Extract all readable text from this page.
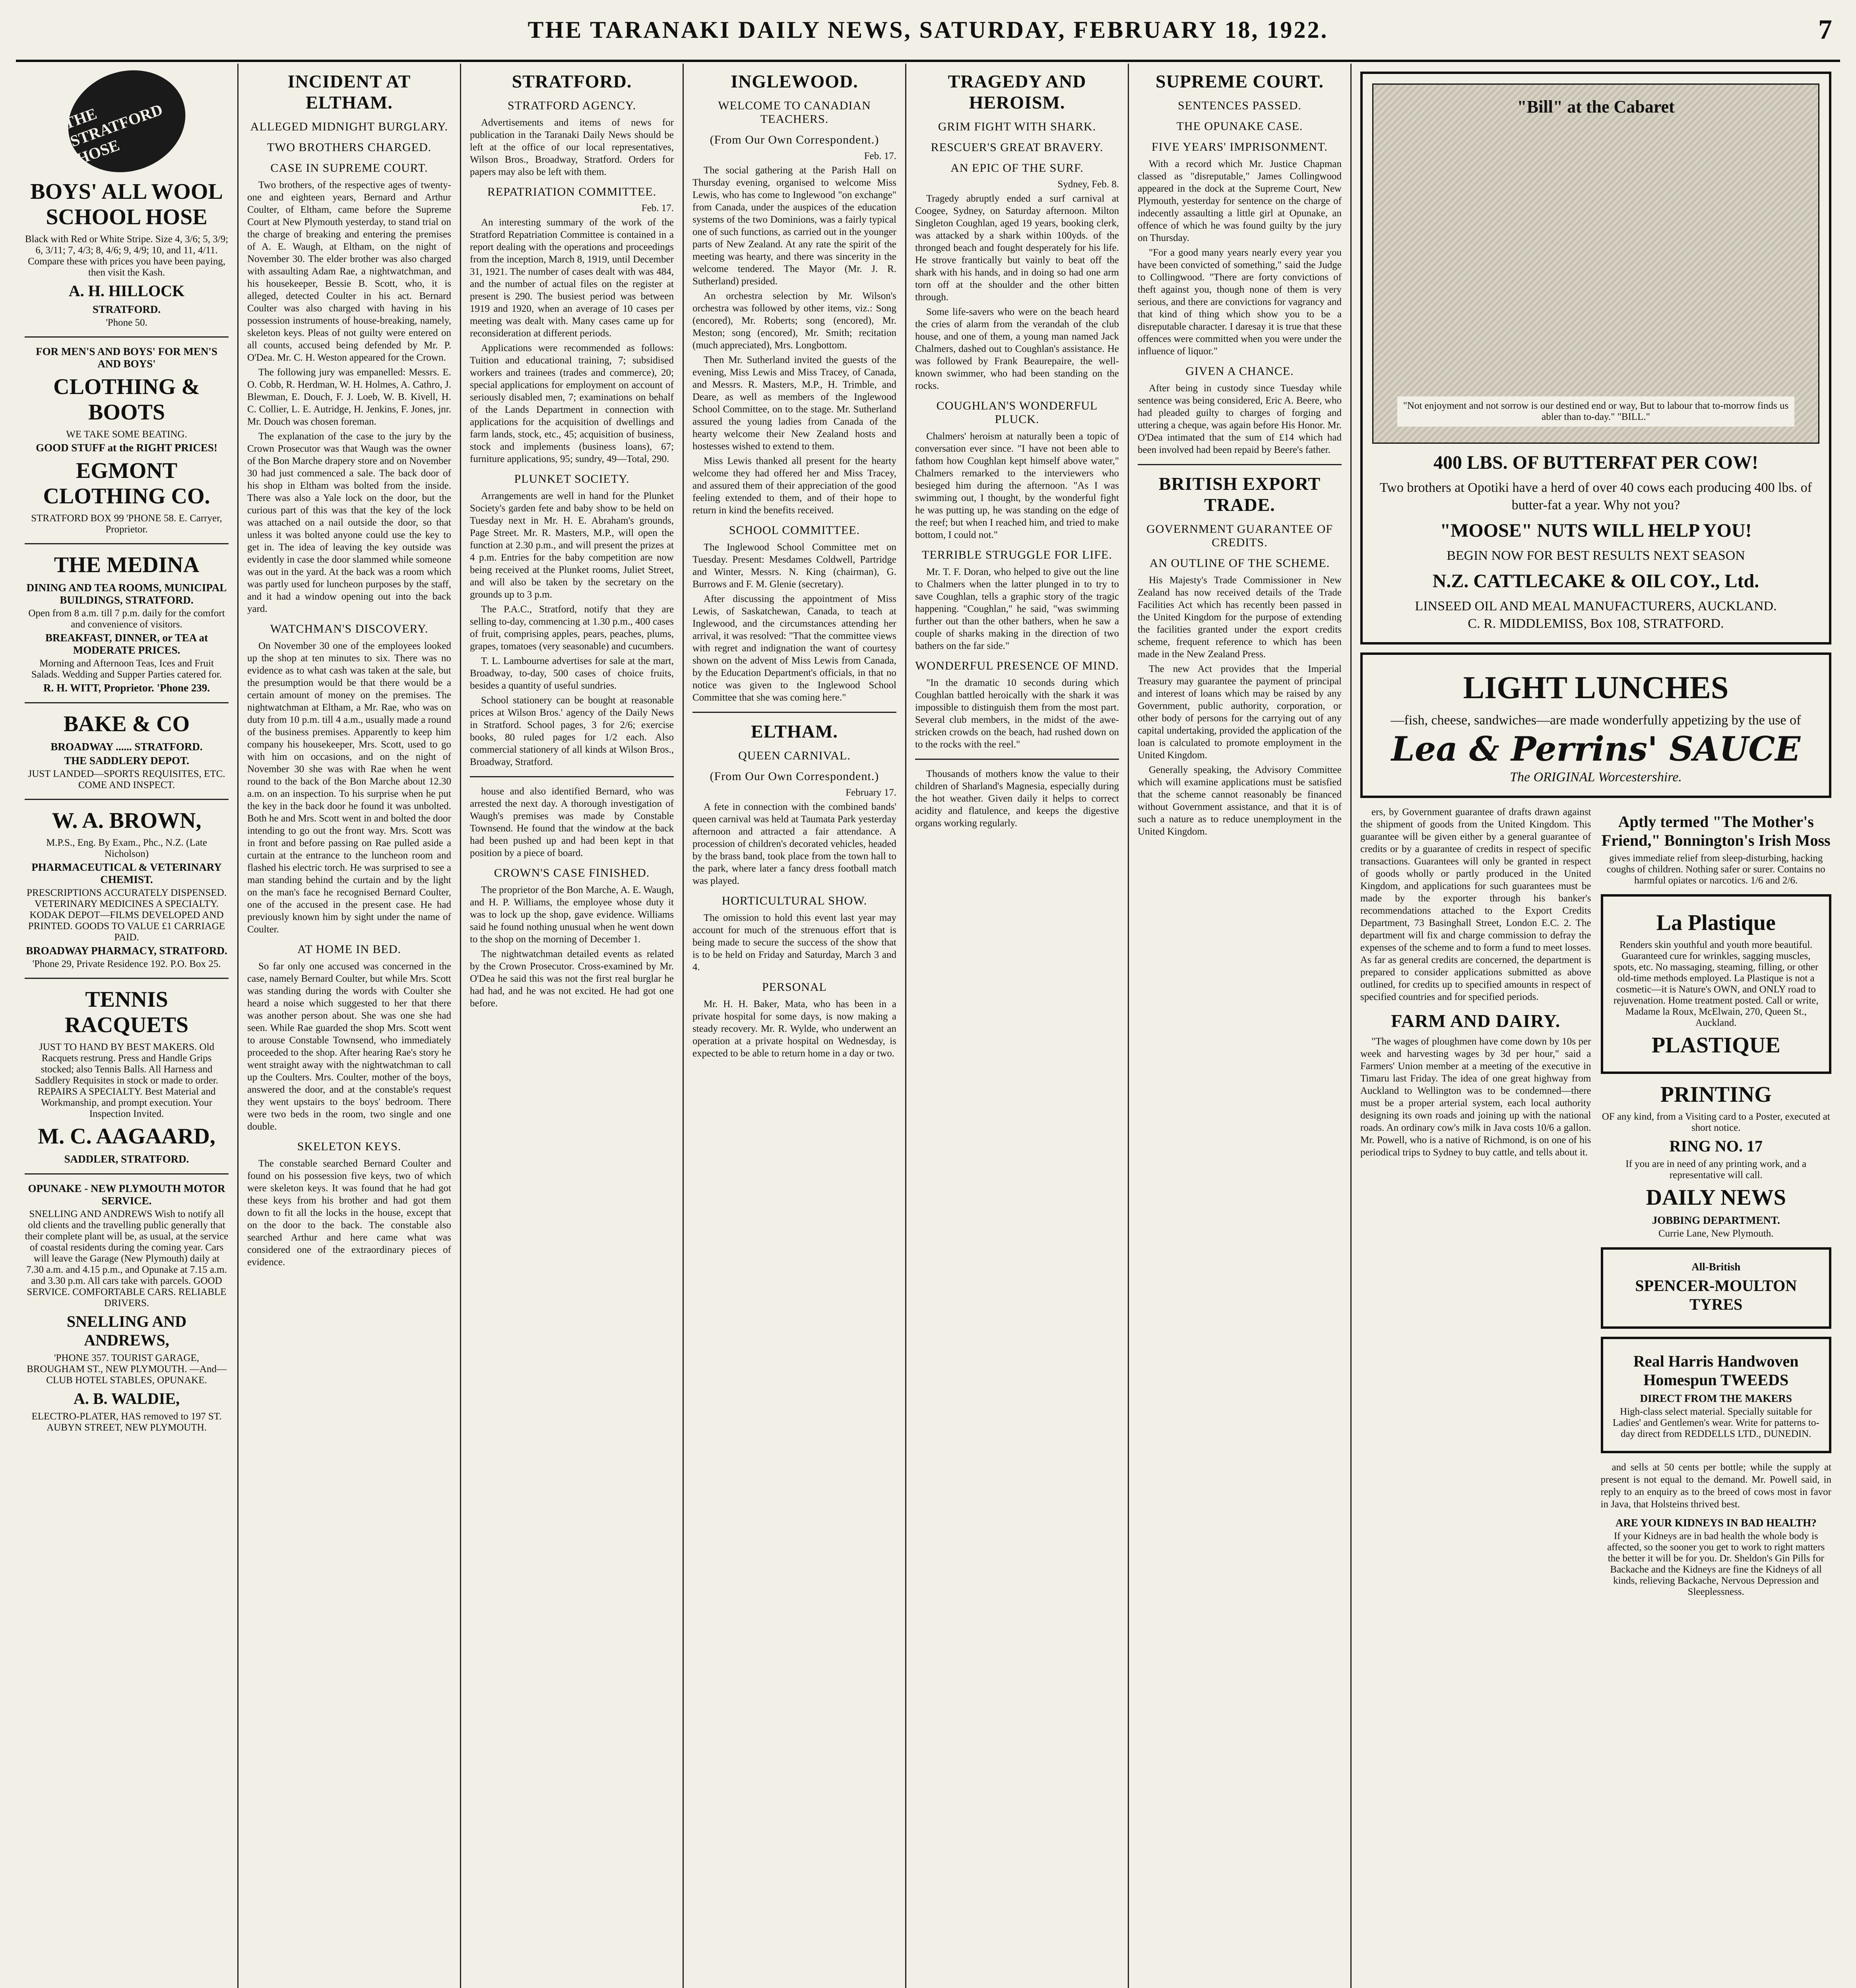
THE TARANAKI DAILY NEWS, SATURDAY, FEBRUARY 18, 1922.	7
THE STRATFORD HOSE
BOYS' ALL WOOL SCHOOL HOSE
Black with Red or White Stripe. Size 4, 3/6; 5, 3/9; 6, 3/11; 7, 4/3; 8, 4/6; 9, 4/9; 10, and 11, 4/11. Compare these with prices you have been paying, then visit the Kash.
A. H. HILLOCK
STRATFORD.
'Phone 50.
FOR MEN'S AND BOYS' FOR MEN'S AND BOYS'
CLOTHING & BOOTS
WE TAKE SOME BEATING.
GOOD STUFF at the RIGHT PRICES!
EGMONT CLOTHING CO.
STRATFORD BOX 99 'PHONE 58. E. Carryer, Proprietor.
THE MEDINA
DINING AND TEA ROOMS, MUNICIPAL BUILDINGS, STRATFORD.
Open from 8 a.m. till 7 p.m. daily for the comfort and convenience of visitors.
BREAKFAST, DINNER, or TEA at MODERATE PRICES.
Morning and Afternoon Teas, Ices and Fruit Salads. Wedding and Supper Parties catered for.
R. H. WITT, Proprietor. 'Phone 239.
BAKE & CO
BROADWAY ...... STRATFORD.
THE SADDLERY DEPOT.
JUST LANDED—SPORTS REQUISITES, ETC. COME AND INSPECT.
W. A. BROWN,
M.P.S., Eng. By Exam., Phc., N.Z. (Late Nicholson)
PHARMACEUTICAL & VETERINARY CHEMIST.
PRESCRIPTIONS ACCURATELY DISPENSED. VETERINARY MEDICINES A SPECIALTY. KODAK DEPOT—FILMS DEVELOPED AND PRINTED. GOODS TO VALUE £1 CARRIAGE PAID.
BROADWAY PHARMACY, STRATFORD.
'Phone 29, Private Residence 192. P.O. Box 25.
TENNIS RACQUETS
JUST TO HAND BY BEST MAKERS. Old Racquets restrung. Press and Handle Grips stocked; also Tennis Balls. All Harness and Saddlery Requisites in stock or made to order. REPAIRS A SPECIALTY. Best Material and Workmanship, and prompt execution. Your Inspection Invited.
M. C. AAGAARD,
SADDLER, STRATFORD.
OPUNAKE - NEW PLYMOUTH MOTOR SERVICE.
SNELLING AND ANDREWS Wish to notify all old clients and the travelling public generally that their complete plant will be, as usual, at the service of coastal residents during the coming year. Cars will leave the Garage (New Plymouth) daily at 7.30 a.m. and 4.15 p.m., and Opunake at 7.15 a.m. and 3.30 p.m. All cars take with parcels. GOOD SERVICE. COMFORTABLE CARS. RELIABLE DRIVERS.
SNELLING AND ANDREWS,
'PHONE 357. TOURIST GARAGE, BROUGHAM ST., NEW PLYMOUTH. —And— CLUB HOTEL STABLES, OPUNAKE.
A. B. WALDIE,
ELECTRO-PLATER, HAS removed to 197 ST. AUBYN STREET, NEW PLYMOUTH.
INCIDENT AT ELTHAM.
ALLEGED MIDNIGHT BURGLARY.
TWO BROTHERS CHARGED.
CASE IN SUPREME COURT.

Two brothers, of the respective ages of twenty-one and eighteen years, Bernard and Arthur Coulter, of Eltham, came before the Supreme Court at New Plymouth yesterday, to stand trial on the charge of breaking and entering the premises of A. E. Waugh, at Eltham, on the night of November 30. The elder brother was also charged with assaulting Adam Rae, a nightwatchman, and his housekeeper, Bessie B. Scott, who, it is alleged, detected Coulter in his act. Bernard Coulter was also charged with having in his possession instruments of house-breaking, namely, skeleton keys. Pleas of not guilty were entered on all counts, accused being defended by Mr. P. O'Dea. Mr. C. H. Weston appeared for the Crown.

The following jury was empanelled: Messrs. E. O. Cobb, R. Herdman, W. H. Holmes, A. Cathro, J. Blewman, E. Douch, F. J. Loeb, W. B. Kivell, H. C. Collier, L. E. Autridge, H. Jenkins, F. Jones, jnr. Mr. Douch was chosen foreman.

The explanation of the case to the jury by the Crown Prosecutor was that Waugh was the owner of the Bon Marche drapery store and on November 30 had just commenced a sale. The back door of his shop in Eltham was bolted from the inside. There was also a Yale lock on the door, but the curious part of this was that the key of the lock was attached on a nail outside the door, so that unless it was bolted anyone could use the key to get in. The idea of leaving the key outside was evidently in case the door slammed while someone was out in the yard. At the back was a room which was partly used for luncheon purposes by the staff, and it had a window opening out into the back yard.

WATCHMAN'S DISCOVERY.

On November 30 one of the employees looked up the shop at ten minutes to six. There was no evidence as to what cash was taken at the sale, but the presumption would be that there would be a certain amount of money on the premises. The nightwatchman at Eltham, a Mr. Rae, who was on duty from 10 p.m. till 4 a.m., usually made a round of the business premises. Apparently to keep him company his housekeeper, Mrs. Scott, used to go with him on occasions, and on the night of November 30 she was with Rae when he went round to the back of the Bon Marche about 12.30 a.m. on an inspection. To his surprise when he put the key in the back door he found it was unbolted. Both he and Mrs. Scott went in and bolted the door intending to go out the front way. Mrs. Scott was in front and before passing on Rae pulled aside a curtain at the entrance to the luncheon room and flashed his electric torch. He was surprised to see a man standing behind the curtain and by the light on the man's face he recognised Bernard Coulter, one of the accused in the present case. He had previously known him by sight under the name of Coulter.

AT HOME IN BED.

So far only one accused was concerned in the case, namely Bernard Coulter, but while Mrs. Scott was standing during the words with Coulter she heard a noise which suggested to her that there was another person about. She was one she had seen. While Rae guarded the shop Mrs. Scott went to arouse Constable Townsend, who immediately proceeded to the shop. After hearing Rae's story he went straight away with the nightwatchman to call up the Coulters. Mrs. Coulter, mother of the boys, answered the door, and at the constable's request they went upstairs to the boys' bedroom. There were two beds in the room, two single and one double.

SKELETON KEYS.

The constable searched Bernard Coulter and found on his possession five keys, two of which were skeleton keys. It was found that he had got these keys from his brother and had got them down to fit all the locks in the house, except that on the door to the back. The constable also searched Arthur and here came what was considered one of the extraordinary pieces of evidence.

STRATFORD.
STRATFORD AGENCY.

Advertisements and items of news for publication in the Taranaki Daily News should be left at the office of our local representatives, Wilson Bros., Broadway, Stratford. Orders for papers may also be left with them.

REPATRIATION COMMITTEE.
Feb. 17.

An interesting summary of the work of the Stratford Repatriation Committee is contained in a report dealing with the operations and proceedings from the inception, March 8, 1919, until December 31, 1921. The number of cases dealt with was 484, and the number of actual files on the register at present is 290. The busiest period was between 1919 and 1920, when an average of 10 cases per meeting was dealt with. Many cases came up for reconsideration at different periods.

Applications were recommended as follows: Tuition and educational training, 7; subsidised workers and trainees (trades and commerce), 20; special applications for employment on account of seriously disabled men, 7; examinations on behalf of the Lands Department in connection with applications for the acquisition of dwellings and farm lands, stock, etc., 45; acquisition of business, stock and implements (business loans), 67; furniture applications, 95; sundry, 49—Total, 290.

PLUNKET SOCIETY.

Arrangements are well in hand for the Plunket Society's garden fete and baby show to be held on Tuesday next in Mr. H. E. Abraham's grounds, Page Street. Mr. R. Masters, M.P., will open the function at 2.30 p.m., and will present the prizes at 4 p.m. Entries for the baby competition are now being received at the Plunket rooms, Juliet Street, and will also be taken by the secretary on the grounds up to 3 p.m.

The P.A.C., Stratford, notify that they are selling to-day, commencing at 1.30 p.m., 400 cases of fruit, comprising apples, pears, peaches, plums, grapes, tomatoes (very seasonable) and cucumbers.

T. L. Lambourne advertises for sale at the mart, Broadway, to-day, 500 cases of choice fruits, besides a quantity of useful sundries.

School stationery can be bought at reasonable prices at Wilson Bros.' agency of the Daily News in Stratford. School pages, 3 for 2/6; exercise books, 80 ruled pages for 1/2 each. Also commercial stationery of all kinds at Wilson Bros., Broadway, Stratford.

house and also identified Bernard, who was arrested the next day. A thorough investigation of Waugh's premises was made by Constable Townsend. He found that the window at the back had been pushed up and had been kept in that position by a piece of board.

CROWN'S CASE FINISHED.

The proprietor of the Bon Marche, A. E. Waugh, and H. P. Williams, the employee whose duty it was to lock up the shop, gave evidence. Williams said he found nothing unusual when he went down to the shop on the morning of December 1.

The nightwatchman detailed events as related by the Crown Prosecutor. Cross-examined by Mr. O'Dea he said this was not the first real burglar he had had, and he was not excited. He had got one before.

INGLEWOOD.
WELCOME TO CANADIAN TEACHERS.
(From Our Own Correspondent.)
Feb. 17.

The social gathering at the Parish Hall on Thursday evening, organised to welcome Miss Lewis, who has come to Inglewood "on exchange" from Canada, under the auspices of the education systems of the two Dominions, was a fairly typical one of such functions, as carried out in the younger parts of New Zealand. At any rate the spirit of the meeting was hearty, and there was sincerity in the welcome tendered. The Mayor (Mr. J. R. Sutherland) presided.

An orchestra selection by Mr. Wilson's orchestra was followed by other items, viz.: Song (encored), Mr. Roberts; song (encored), Mr. Meston; song (encored), Mr. Smith; recitation (much appreciated), Mrs. Longbottom.

Then Mr. Sutherland invited the guests of the evening, Miss Lewis and Miss Tracey, of Canada, and Messrs. R. Masters, M.P., H. Trimble, and Deare, as well as members of the Inglewood School Committee, on to the stage. Mr. Sutherland assured the young ladies from Canada of the hearty welcome their New Zealand hosts and hostesses wished to extend to them.

Miss Lewis thanked all present for the hearty welcome they had offered her and Miss Tracey, and assured them of their appreciation of the good feeling extended to them, and of their hope to return in kind the benefits received.

SCHOOL COMMITTEE.

The Inglewood School Committee met on Tuesday. Present: Mesdames Coldwell, Partridge and Winter, Messrs. N. King (chairman), G. Burrows and F. M. Glenie (secretary).

After discussing the appointment of Miss Lewis, of Saskatchewan, Canada, to teach at Inglewood, and the circumstances attending her arrival, it was resolved: "That the committee views with regret and indignation the want of courtesy shown on the advent of Miss Lewis from Canada, by the Education Department's officials, in that no notice was given to the Inglewood School Committee that she was coming here."

ELTHAM.
QUEEN CARNIVAL.
(From Our Own Correspondent.)
February 17.

A fete in connection with the combined bands' queen carnival was held at Taumata Park yesterday afternoon and attracted a fair attendance. A procession of children's decorated vehicles, headed by the brass band, took place from the town hall to the park, where later a fancy dress football match was played.

HORTICULTURAL SHOW.

The omission to hold this event last year may account for much of the strenuous effort that is being made to secure the success of the show that is to be held on Friday and Saturday, March 3 and 4.

PERSONAL

Mr. H. H. Baker, Mata, who has been in a private hospital for some days, is now making a steady recovery. Mr. R. Wylde, who underwent an operation at a private hospital on Wednesday, is expected to be able to return home in a day or two.

TRAGEDY AND HEROISM.
GRIM FIGHT WITH SHARK.
RESCUER'S GREAT BRAVERY.
AN EPIC OF THE SURF.
Sydney, Feb. 8.

Tragedy abruptly ended a surf carnival at Coogee, Sydney, on Saturday afternoon. Milton Singleton Coughlan, aged 19 years, booking clerk, was attacked by a shark within 100yds. of the thronged beach and fought desperately for his life. He strove frantically but vainly to beat off the shark with his hands, and in doing so had one arm torn off at the shoulder and the other bitten through.

Some life-savers who were on the beach heard the cries of alarm from the verandah of the club house, and one of them, a young man named Jack Chalmers, dashed out to Coughlan's assistance. He was followed by Frank Beaurepaire, the well-known swimmer, who had been standing on the rocks.

COUGHLAN'S WONDERFUL PLUCK.

Chalmers' heroism at naturally been a topic of conversation ever since. "I have not been able to fathom how Coughlan kept himself above water," Chalmers remarked to the interviewers who besieged him during the afternoon. "As I was swimming out, I thought, by the wonderful fight he was putting up, he was standing on the edge of the reef; but when I reached him, and tried to make bottom, I could not."

TERRIBLE STRUGGLE FOR LIFE.

Mr. T. F. Doran, who helped to give out the line to Chalmers when the latter plunged in to try to save Coughlan, tells a graphic story of the tragic happening. "Coughlan," he said, "was swimming further out than the other bathers, when he saw a couple of sharks making in the direction of two bathers on the far side."

WONDERFUL PRESENCE OF MIND.

"In the dramatic 10 seconds during which Coughlan battled heroically with the shark it was impossible to distinguish them from the most part. Several club members, in the midst of the awe-stricken crowds on the beach, had rushed down on to the rocks with the reel."

Thousands of mothers know the value to their children of Sharland's Magnesia, especially during the hot weather. Given daily it helps to correct acidity and flatulence, and keeps the digestive organs working regularly.

SUPREME COURT.
SENTENCES PASSED.
THE OPUNAKE CASE.
FIVE YEARS' IMPRISONMENT.

With a record which Mr. Justice Chapman classed as "disreputable," James Collingwood appeared in the dock at the Supreme Court, New Plymouth, yesterday for sentence on the charge of indecently assaulting a little girl at Opunake, an offence of which he was found guilty by the jury on Thursday.

"For a good many years nearly every year you have been convicted of something," said the Judge to Collingwood. "There are forty convictions of theft against you, though none of them is very serious, and there are convictions for vagrancy and that kind of thing which show you to be a disreputable character. I daresay it is true that these offences were committed when you were under the influence of liquor."

GIVEN A CHANCE.

After being in custody since Tuesday while sentence was being considered, Eric A. Beere, who had pleaded guilty to charges of forging and uttering a cheque, was again before His Honor. Mr. O'Dea intimated that the sum of £14 which had been involved had been repaid by Beere's father.

BRITISH EXPORT TRADE.
GOVERNMENT GUARANTEE OF CREDITS.
AN OUTLINE OF THE SCHEME.

His Majesty's Trade Commissioner in New Zealand has now received details of the Trade Facilities Act which has recently been passed in the United Kingdom for the purpose of extending the facilities granted under the export credits scheme, frequent reference to which has been made in the New Zealand Press.

The new Act provides that the Imperial Treasury may guarantee the payment of principal and interest of loans which may be raised by any Government, public authority, corporation, or other body of persons for the carrying out of any capital undertaking, provided the application of the loan is calculated to promote employment in the United Kingdom.

Generally speaking, the Advisory Committee which will examine applications must be satisfied that the scheme cannot reasonably be financed without Government assistance, and that it is of such a nature as to reduce unemployment in the United Kingdom.

"Bill" at the Cabaret
"Not enjoyment and not sorrow is our destined end or way, But to labour that to-morrow finds us abler than to-day." "BILL."
400 LBS. OF BUTTERFAT PER COW!
Two brothers at Opotiki have a herd of over 40 cows each producing 400 lbs. of butter-fat a year. Why not you?
"MOOSE" NUTS WILL HELP YOU!
BEGIN NOW FOR BEST RESULTS NEXT SEASON
N.Z. CATTLECAKE & OIL COY., Ltd.
LINSEED OIL AND MEAL MANUFACTURERS, AUCKLAND.
C. R. MIDDLEMISS, Box 108, STRATFORD.
LIGHT LUNCHES
—fish, cheese, sandwiches—are made wonderfully appetizing by the use of
Lea & Perrins' SAUCE
The ORIGINAL Worcestershire.

ers, by Government guarantee of drafts drawn against the shipment of goods from the United Kingdom. This guarantee will be given either by a general guarantee of credits or by a guarantee of credits in respect of specific transactions. Guarantees will only be granted in respect of goods wholly or partly produced in the United Kingdom, and applications for such guarantees must be made by the exporter through his banker's recommendations attached to the Export Credits Department, 73 Basinghall Street, London E.C. 2. The department will fix and charge commission to defray the expenses of the scheme and to form a fund to meet losses. As far as general credits are concerned, the department is prepared to consider applications submitted as above outlined, for credits up to specified amounts in respect of specified countries and for specified periods.

FARM AND DAIRY.

"The wages of ploughmen have come down by 10s per week and harvesting wages by 3d per hour," said a Farmers' Union member at a meeting of the executive in Timaru last Friday. The idea of one great highway from Auckland to Wellington was to be condemned—there must be a proper arterial system, each local authority designing its own roads and joining up with the national roads. An ordinary cow's milk in Java costs 10/6 a gallon. Mr. Powell, who is a native of Richmond, is on one of his periodical trips to Sydney to buy cattle, and tells about it.

Aptly termed "The Mother's Friend," Bonnington's Irish Moss
gives immediate relief from sleep-disturbing, hacking coughs of children. Nothing safer or surer. Contains no harmful opiates or narcotics. 1/6 and 2/6.
La Plastique
Renders skin youthful and youth more beautiful. Guaranteed cure for wrinkles, sagging muscles, spots, etc. No massaging, steaming, filling, or other old-time methods employed. La Plastique is not a cosmetic—it is Nature's OWN, and ONLY road to rejuvenation. Home treatment posted. Call or write, Madame la Roux, McElwain, 270, Queen St., Auckland.
PLASTIQUE
PRINTING
OF any kind, from a Visiting card to a Poster, executed at short notice.
RING NO. 17
If you are in need of any printing work, and a representative will call.
DAILY NEWS
JOBBING DEPARTMENT.
Currie Lane, New Plymouth.
All-British
SPENCER-MOULTON TYRES
Real Harris Handwoven Homespun TWEEDS
DIRECT FROM THE MAKERS
High-class select material. Specially suitable for Ladies' and Gentlemen's wear. Write for patterns to-day direct from REDDELLS LTD., DUNEDIN.

and sells at 50 cents per bottle; while the supply at present is not equal to the demand. Mr. Powell said, in reply to an enquiry as to the breed of cows most in favor in Java, that Holsteins thrived best.

ARE YOUR KIDNEYS IN BAD HEALTH?
If your Kidneys are in bad health the whole body is affected, so the sooner you get to work to right matters the better it will be for you. Dr. Sheldon's Gin Pills for Backache and the Kidneys are fine the Kidneys of all kinds, relieving Backache, Nervous Depression and Sleeplessness.
